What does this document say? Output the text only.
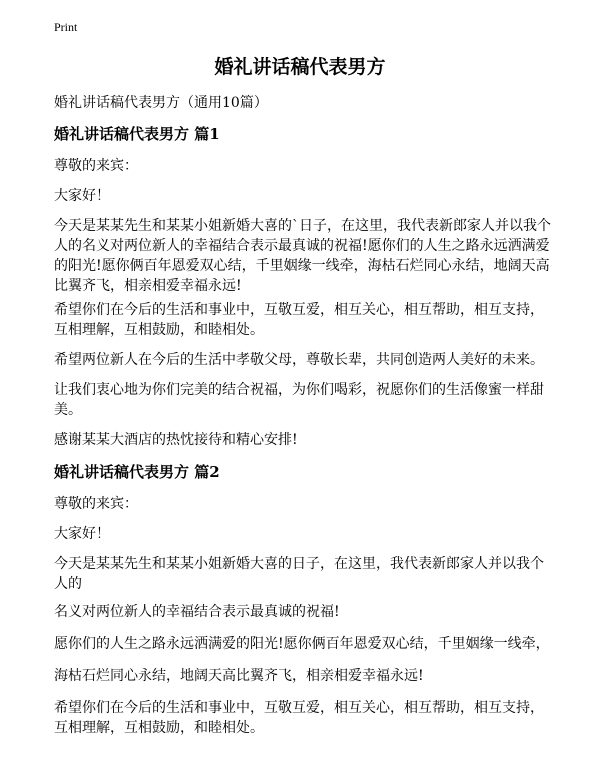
Print
婚礼讲话稿代表男方

婚礼讲话稿代表男方（通用10篇）

婚礼讲话稿代表男方 篇1

尊敬的来宾：

大家好！

今天是某某先生和某某小姐新婚大喜的`日子，在这里，我代表新郎家人并以我个人的名义对两位新人的幸福结合表示最真诚的祝福!愿你们的人生之路永远洒满爱的阳光!愿你俩百年恩爱双心结，千里姻缘一线牵，海枯石烂同心永结，地阔天高比翼齐飞，相亲相爱幸福永远!

希望你们在今后的生活和事业中，互敬互爱，相互关心，相互帮助，相互支持，互相理解，互相鼓励，和睦相处。

希望两位新人在今后的生活中孝敬父母，尊敬长辈，共同创造两人美好的未来。

让我们衷心地为你们完美的结合祝福，为你们喝彩，祝愿你们的生活像蜜一样甜美。

感谢某某大酒店的热忱接待和精心安排!

婚礼讲话稿代表男方 篇2

尊敬的来宾：

大家好！

今天是某某先生和某某小姐新婚大喜的日子，在这里，我代表新郎家人并以我个人的

名义对两位新人的幸福结合表示最真诚的祝福!

愿你们的人生之路永远洒满爱的阳光!愿你俩百年恩爱双心结，千里姻缘一线牵，

海枯石烂同心永结，地阔天高比翼齐飞，相亲相爱幸福永远!

希望你们在今后的生活和事业中，互敬互爱，相互关心，相互帮助，相互支持，互相理解，互相鼓励，和睦相处。
